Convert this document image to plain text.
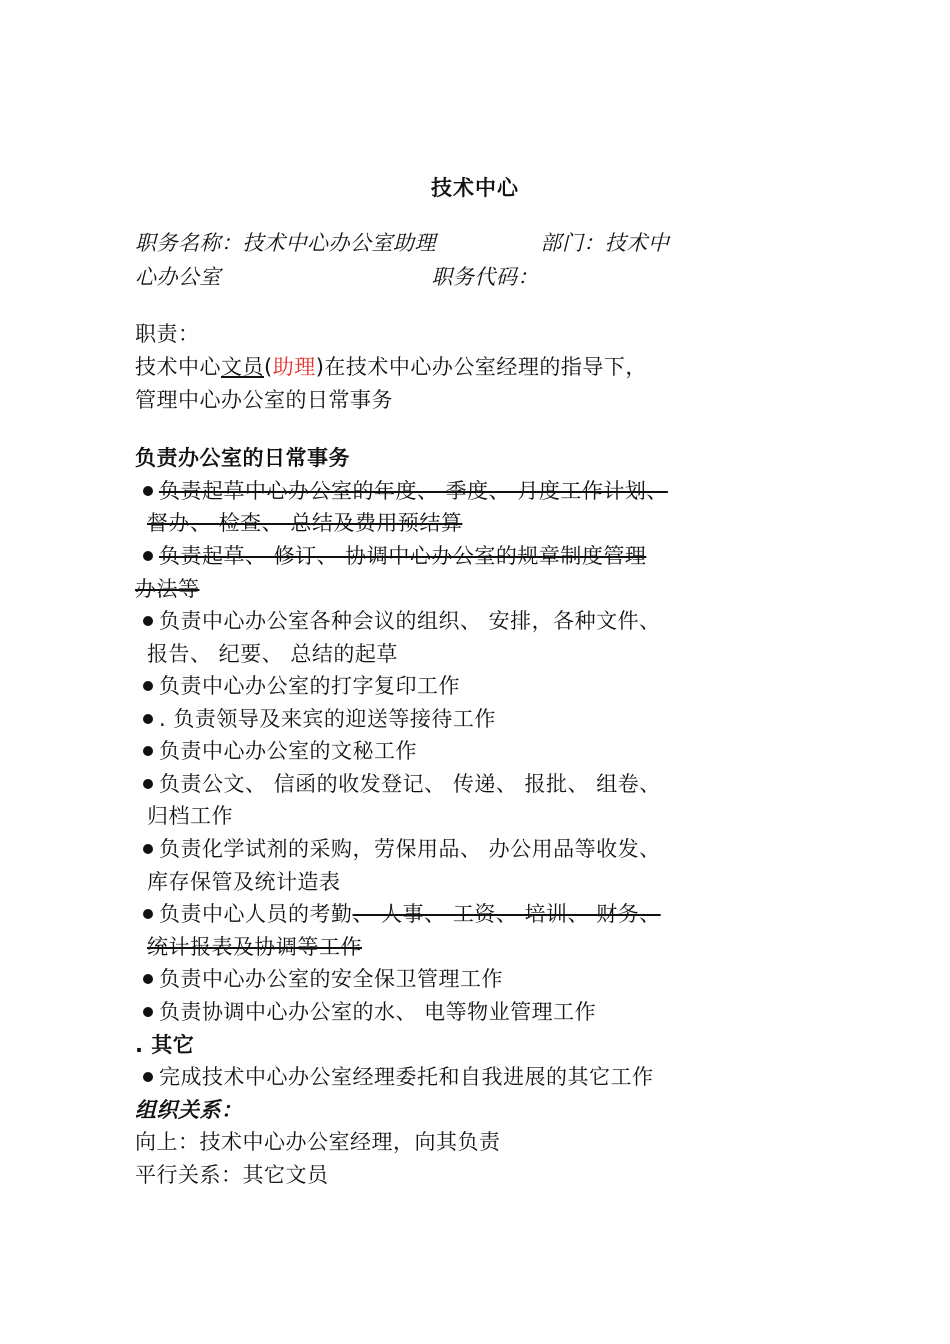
技术中心
职务名称：技术中心办公室助理	部门：技术中
心办公室	职务代码：
职责：
技术中心文员(助理)在技术中心办公室经理的指导下，
管理中心办公室的日常事务
负责办公室的日常事务
负责起草中心办公室的年度、 季度、 月度工作计划、
督办、 检查、 总结及费用预结算
负责起草、 修订、 协调中心办公室的规章制度管理
办法等
负责中心办公室各种会议的组织、 安排，各种文件、
报告、 纪要、 总结的起草
负责中心办公室的打字复印工作
. 负责领导及来宾的迎送等接待工作
负责中心办公室的文秘工作
负责公文、 信函的收发登记、 传递、 报批、 组卷、
归档工作
负责化学试剂的采购，劳保用品、 办公用品等收发、
库存保管及统计造表
负责中心人员的考勤、 人事、 工资、 培训、 财务、
统计报表及协调等工作
负责中心办公室的安全保卫管理工作
负责协调中心办公室的水、 电等物业管理工作
. 其它
完成技术中心办公室经理委托和自我进展的其它工作
组织关系：
向上：技术中心办公室经理，向其负责
平行关系：其它文员
